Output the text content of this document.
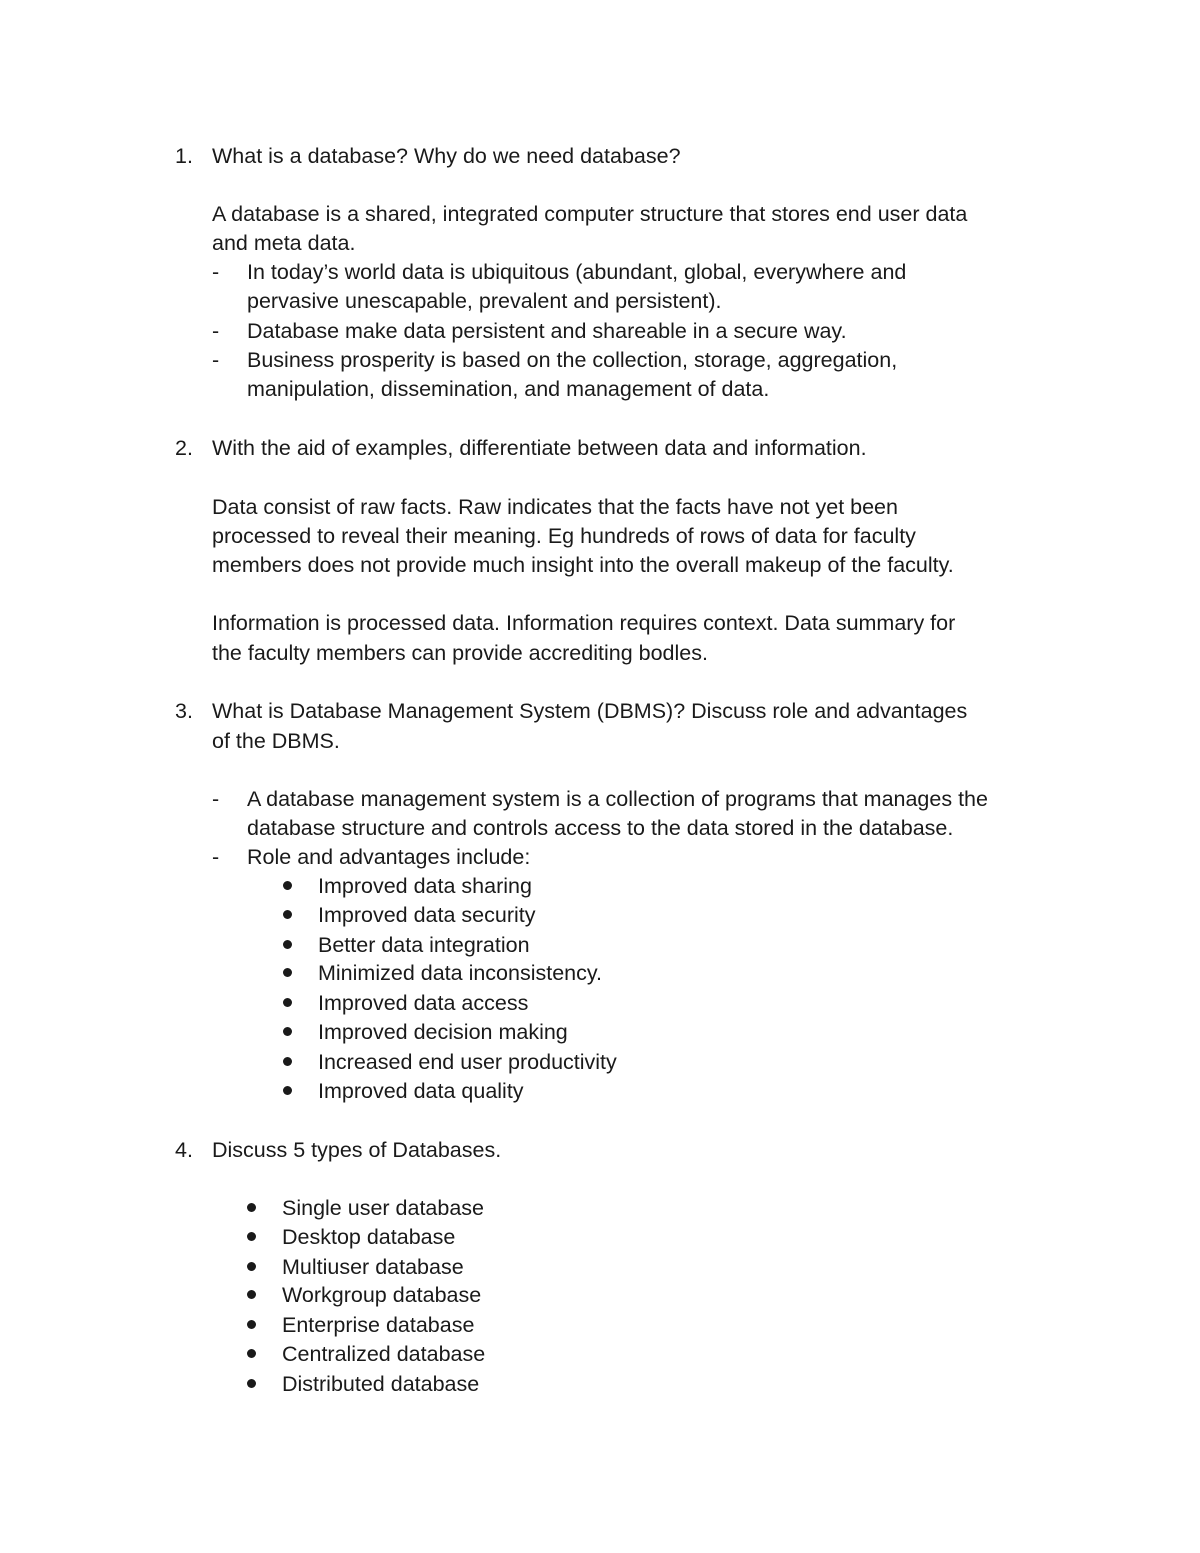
1. What is a database? Why do we need database?
A database is a shared, integrated computer structure that stores end user data
and meta data.
- In today’s world data is ubiquitous (abundant, global, everywhere and
pervasive unescapable, prevalent and persistent).
- Database make data persistent and shareable in a secure way.
- Business prosperity is based on the collection, storage, aggregation,
manipulation, dissemination, and management of data.
2. With the aid of examples, differentiate between data and information.
Data consist of raw facts. Raw indicates that the facts have not yet been
processed to reveal their meaning. Eg hundreds of rows of data for faculty
members does not provide much insight into the overall makeup of the faculty.
Information is processed data. Information requires context. Data summary for
the faculty members can provide accrediting bodles.
3. What is Database Management System (DBMS)? Discuss role and advantages
of the DBMS.
- A database management system is a collection of programs that manages the
database structure and controls access to the data stored in the database.
- Role and advantages include:
Improved data sharing
Improved data security
Better data integration
Minimized data inconsistency.
Improved data access
Improved decision making
Increased end user productivity
Improved data quality
4. Discuss 5 types of Databases.
Single user database
Desktop database
Multiuser database
Workgroup database
Enterprise database
Centralized database
Distributed database
